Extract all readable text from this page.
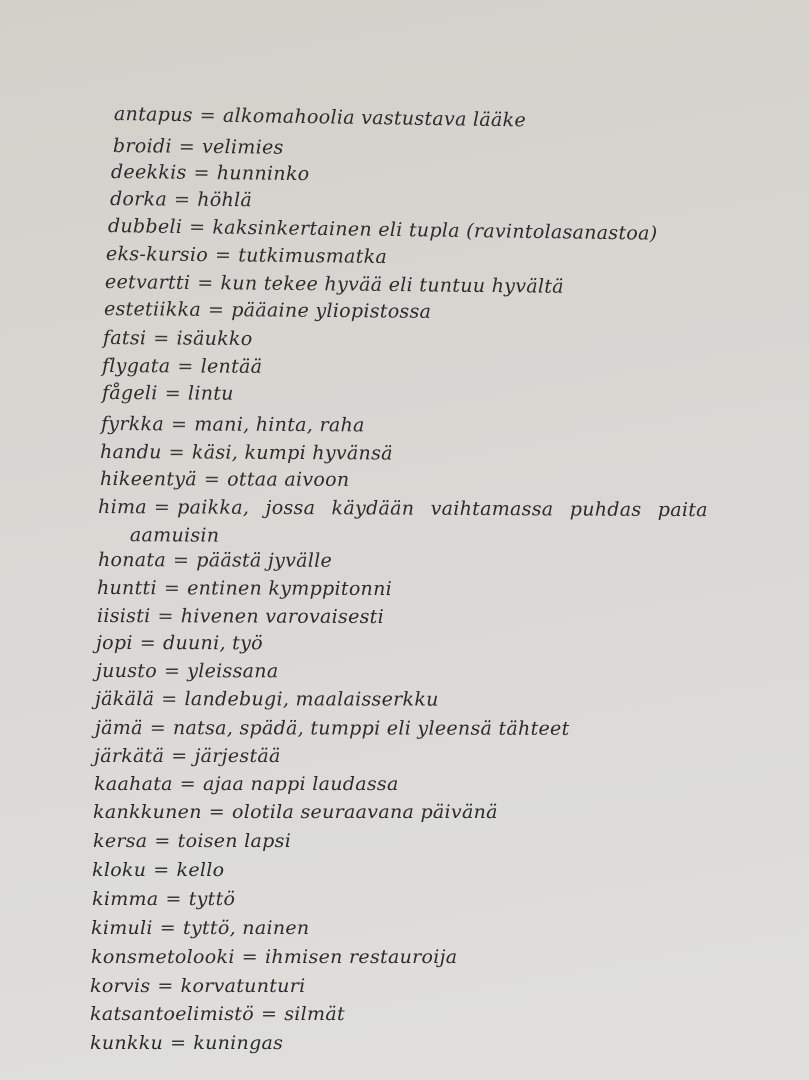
antapus = alkomahoolia vastustava lääke
broidi = velimies
deekkis = hunninko
dorka = höhlä
dubbeli = kaksinkertainen eli tupla (ravintolasanastoa)
eks-kursio = tutkimusmatka
eetvartti = kun tekee hyvää eli tuntuu hyvältä
estetiikka = pääaine yliopistossa
fatsi = isäukko
flygata = lentää
fågeli = lintu
fyrkka = mani, hinta, raha
handu = käsi, kumpi hyvänsä
hikeentyä = ottaa aivoon
hima = paikka, jossa käydään vaihtamassa puhdas paita
aamuisin
honata = päästä jyvälle
huntti = entinen kymppitonni
iisisti = hivenen varovaisesti
jopi = duuni, työ
juusto = yleissana
jäkälä = landebugi, maalaisserkku
jämä = natsa, spädä, tumppi eli yleensä tähteet
järkätä = järjestää
kaahata = ajaa nappi laudassa
kankkunen = olotila seuraavana päivänä
kersa = toisen lapsi
kloku = kello
kimma = tyttö
kimuli = tyttö, nainen
konsmetolooki = ihmisen restauroija
korvis = korvatunturi
katsantoelimistö = silmät
kunkku = kuningas
